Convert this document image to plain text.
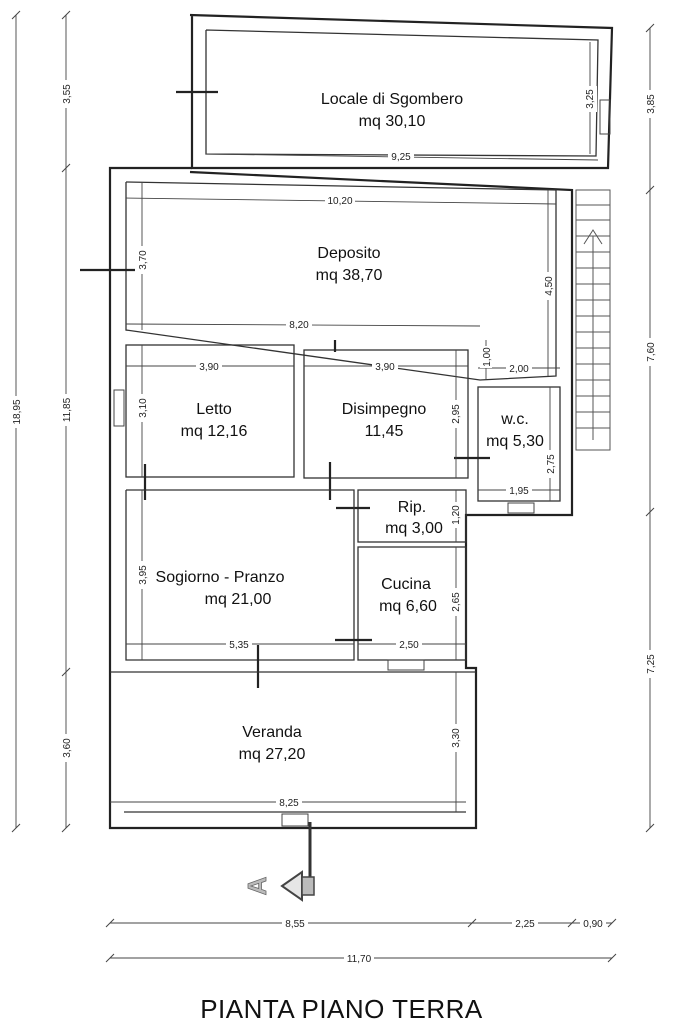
Locale di Sgombero
mq 30,10
Deposito
mq 38,70
Letto
mq 12,16
Disimpegno
11,45
w.c.
mq 5,30
Rip.
mq 3,00
Sogiorno - Pranzo
mq 21,00
Cucina
mq 6,60
Veranda
mq 27,20
9,25
3,25
10,20
3,70
4,50
8,20
3,90
3,10
3,90
2,95
2,00
1,00
2,75
1,95
1,20
3,95
5,35	2,50
2,65
3,30
8,25
18,95
3,55
11,85
3,60
3,85
7,60
7,25
8,55	2,25	0,90
11,70
A
PIANTA PIANO TERRA
